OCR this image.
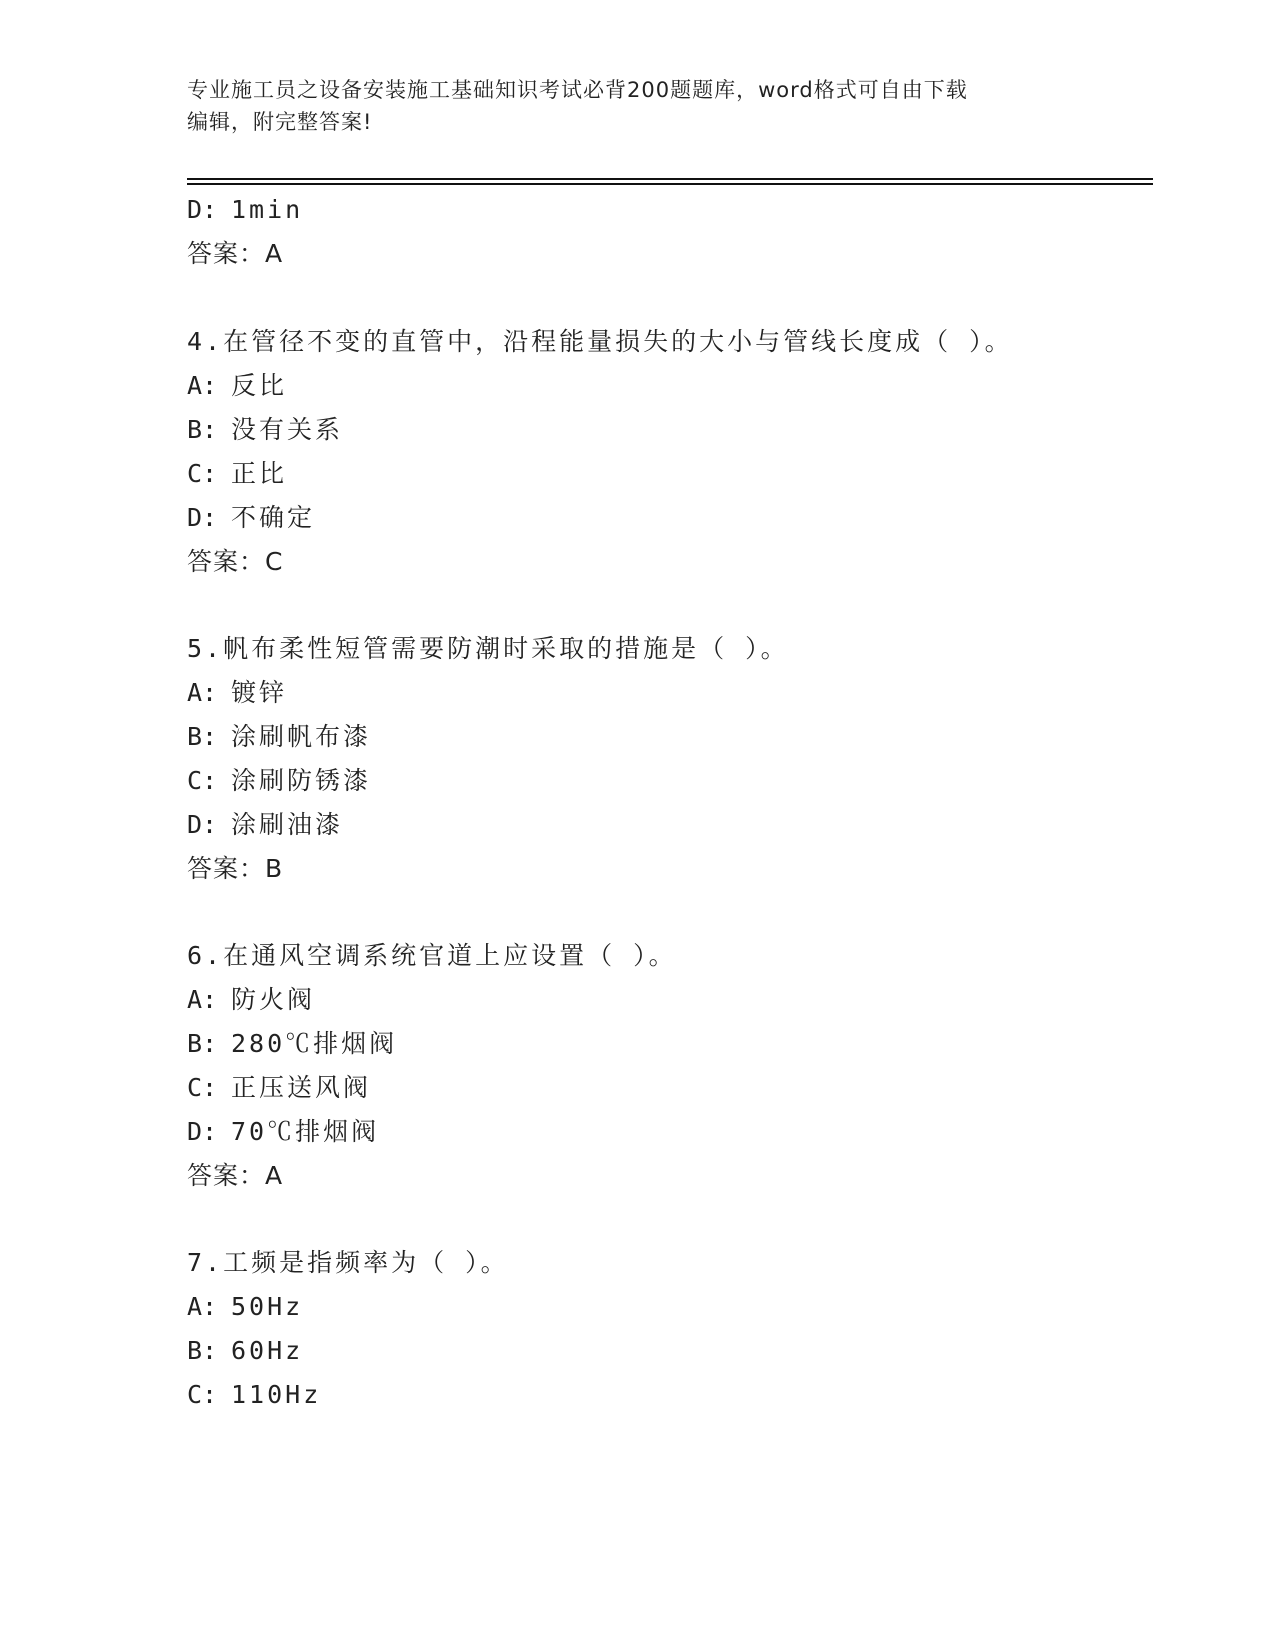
专业施工员之设备安装施工基础知识考试必背200题题库，word格式可自由下载
编辑，附完整答案!
D: 1min
答案：A
4.在管径不变的直管中，沿程能量损失的大小与管线长度成（ ）。
A: 反比
B: 没有关系
C: 正比
D: 不确定
答案：C
5.帆布柔性短管需要防潮时采取的措施是（ ）。
A: 镀锌
B: 涂刷帆布漆
C: 涂刷防锈漆
D: 涂刷油漆
答案：B
6.在通风空调系统官道上应设置（ ）。
A: 防火阀
B: 280℃排烟阀
C: 正压送风阀
D: 70℃排烟阀
答案：A
7.工频是指频率为（ ）。
A: 50Hz
B: 60Hz
C: 110Hz
